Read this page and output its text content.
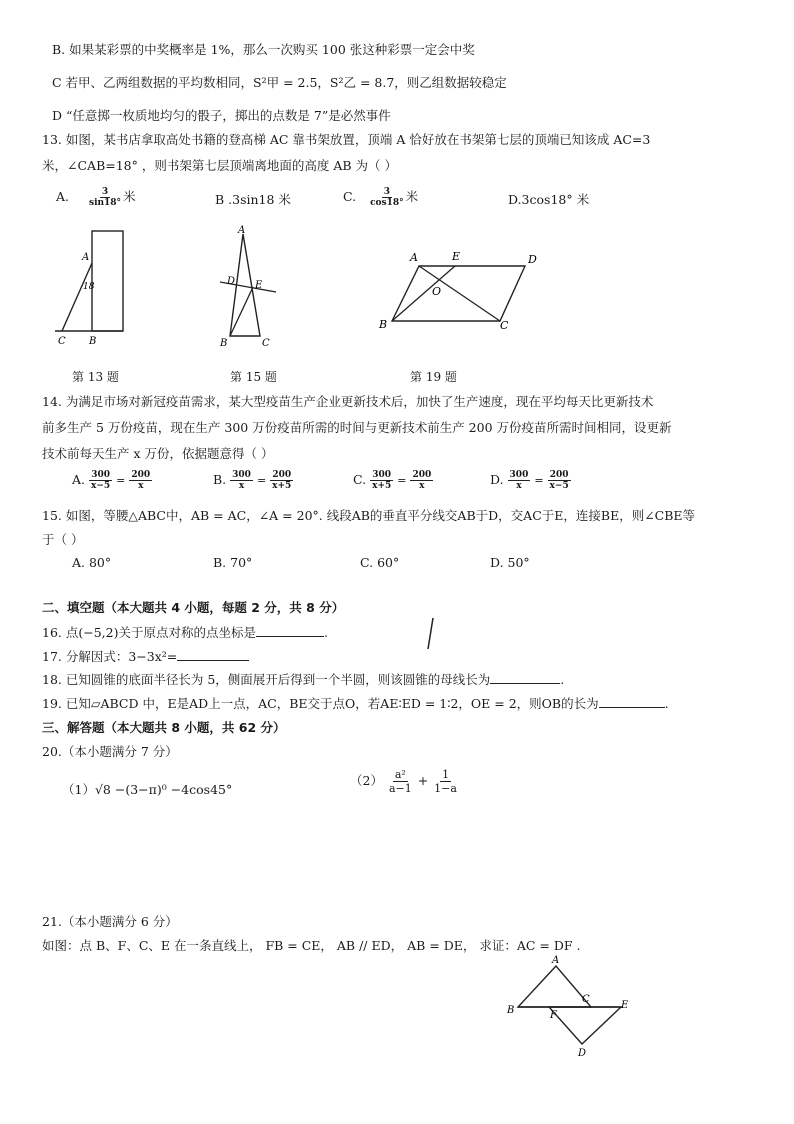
B. 如果某彩票的中奖概率是 1%，那么一次购买 100 张这种彩票一定会中奖
C 若甲、乙两组数据的平均数相同，S²甲 = 2.5，S²乙 = 8.7，则乙组数据较稳定
D “任意掷一枚质地均匀的骰子，掷出的点数是 7”是必然事件
13. 如图，某书店拿取高处书籍的登高梯 AC 靠书架放置，顶端 A 恰好放在书架第七层的顶端已知该成 AC=3
米，∠CAB=18° ，则书架第七层顶端离地面的高度 AB 为（ ）
A. $\frac{3}{\sin 18^\circ}$ 米	B .3sin18 米	C. $\frac{3}{\cos 18^\circ}$ 米	D.3cos18° 米
A
18
C B
第 13 题
A
D E
B	C
第 15 题
A	E	D
O
B	C
第 19 题
14. 为满足市场对新冠疫苗需求，某大型疫苗生产企业更新技术后，加快了生产速度，现在平均每天比更新技术
前多生产 5 万份疫苗，现在生产 300 万份疫苗所需的时间与更新技术前生产 200 万份疫苗所需时间相同，设更新
技术前每天生产 x 万份，依据题意得（ ）
A. $\frac{300}{x-5} = \frac{200}{x}$	B. $\frac{300}{x} = \frac{200}{x+5}$	C. $\frac{300}{x+5} = \frac{200}{x}$	D. $\frac{300}{x} = \frac{200}{x-5}$
15. 如图，等腰△ABC中，AB = AC，∠A = 20°. 线段AB的垂直平分线交AB于D，交AC于E，连接BE，则∠CBE等
于（ ）
A. 80°	B. 70°	C. 60°	D. 50°
二、填空题（本大题共 4 小题，每题 2 分，共 8 分）
16. 点(−5,2)关于原点对称的点坐标是	.
17. 分解因式：3−3x²=
18. 已知圆锥的底面半径长为 5，侧面展开后得到一个半圆，则该圆锥的母线长为	.
19. 已知▱ABCD 中，E是AD上一点，AC，BE交于点O，若AE∶ED = 1∶2，OE = 2，则OB的长为	.
三、解答题（本大题共 8 小题，共 62 分）
20.（本小题满分 7 分）
（1）√8 −(3−π)⁰ −4cos45°
$(2) \frac{\text{a²}}{a-1} + \frac{1}{1-a}$
21.（本小题满分 6 分）
如图：点 B、F、C、E 在一条直线上， FB = CE， AB // ED， AB = DE， 求证：AC = DF .
A
B
C
F
E
D
